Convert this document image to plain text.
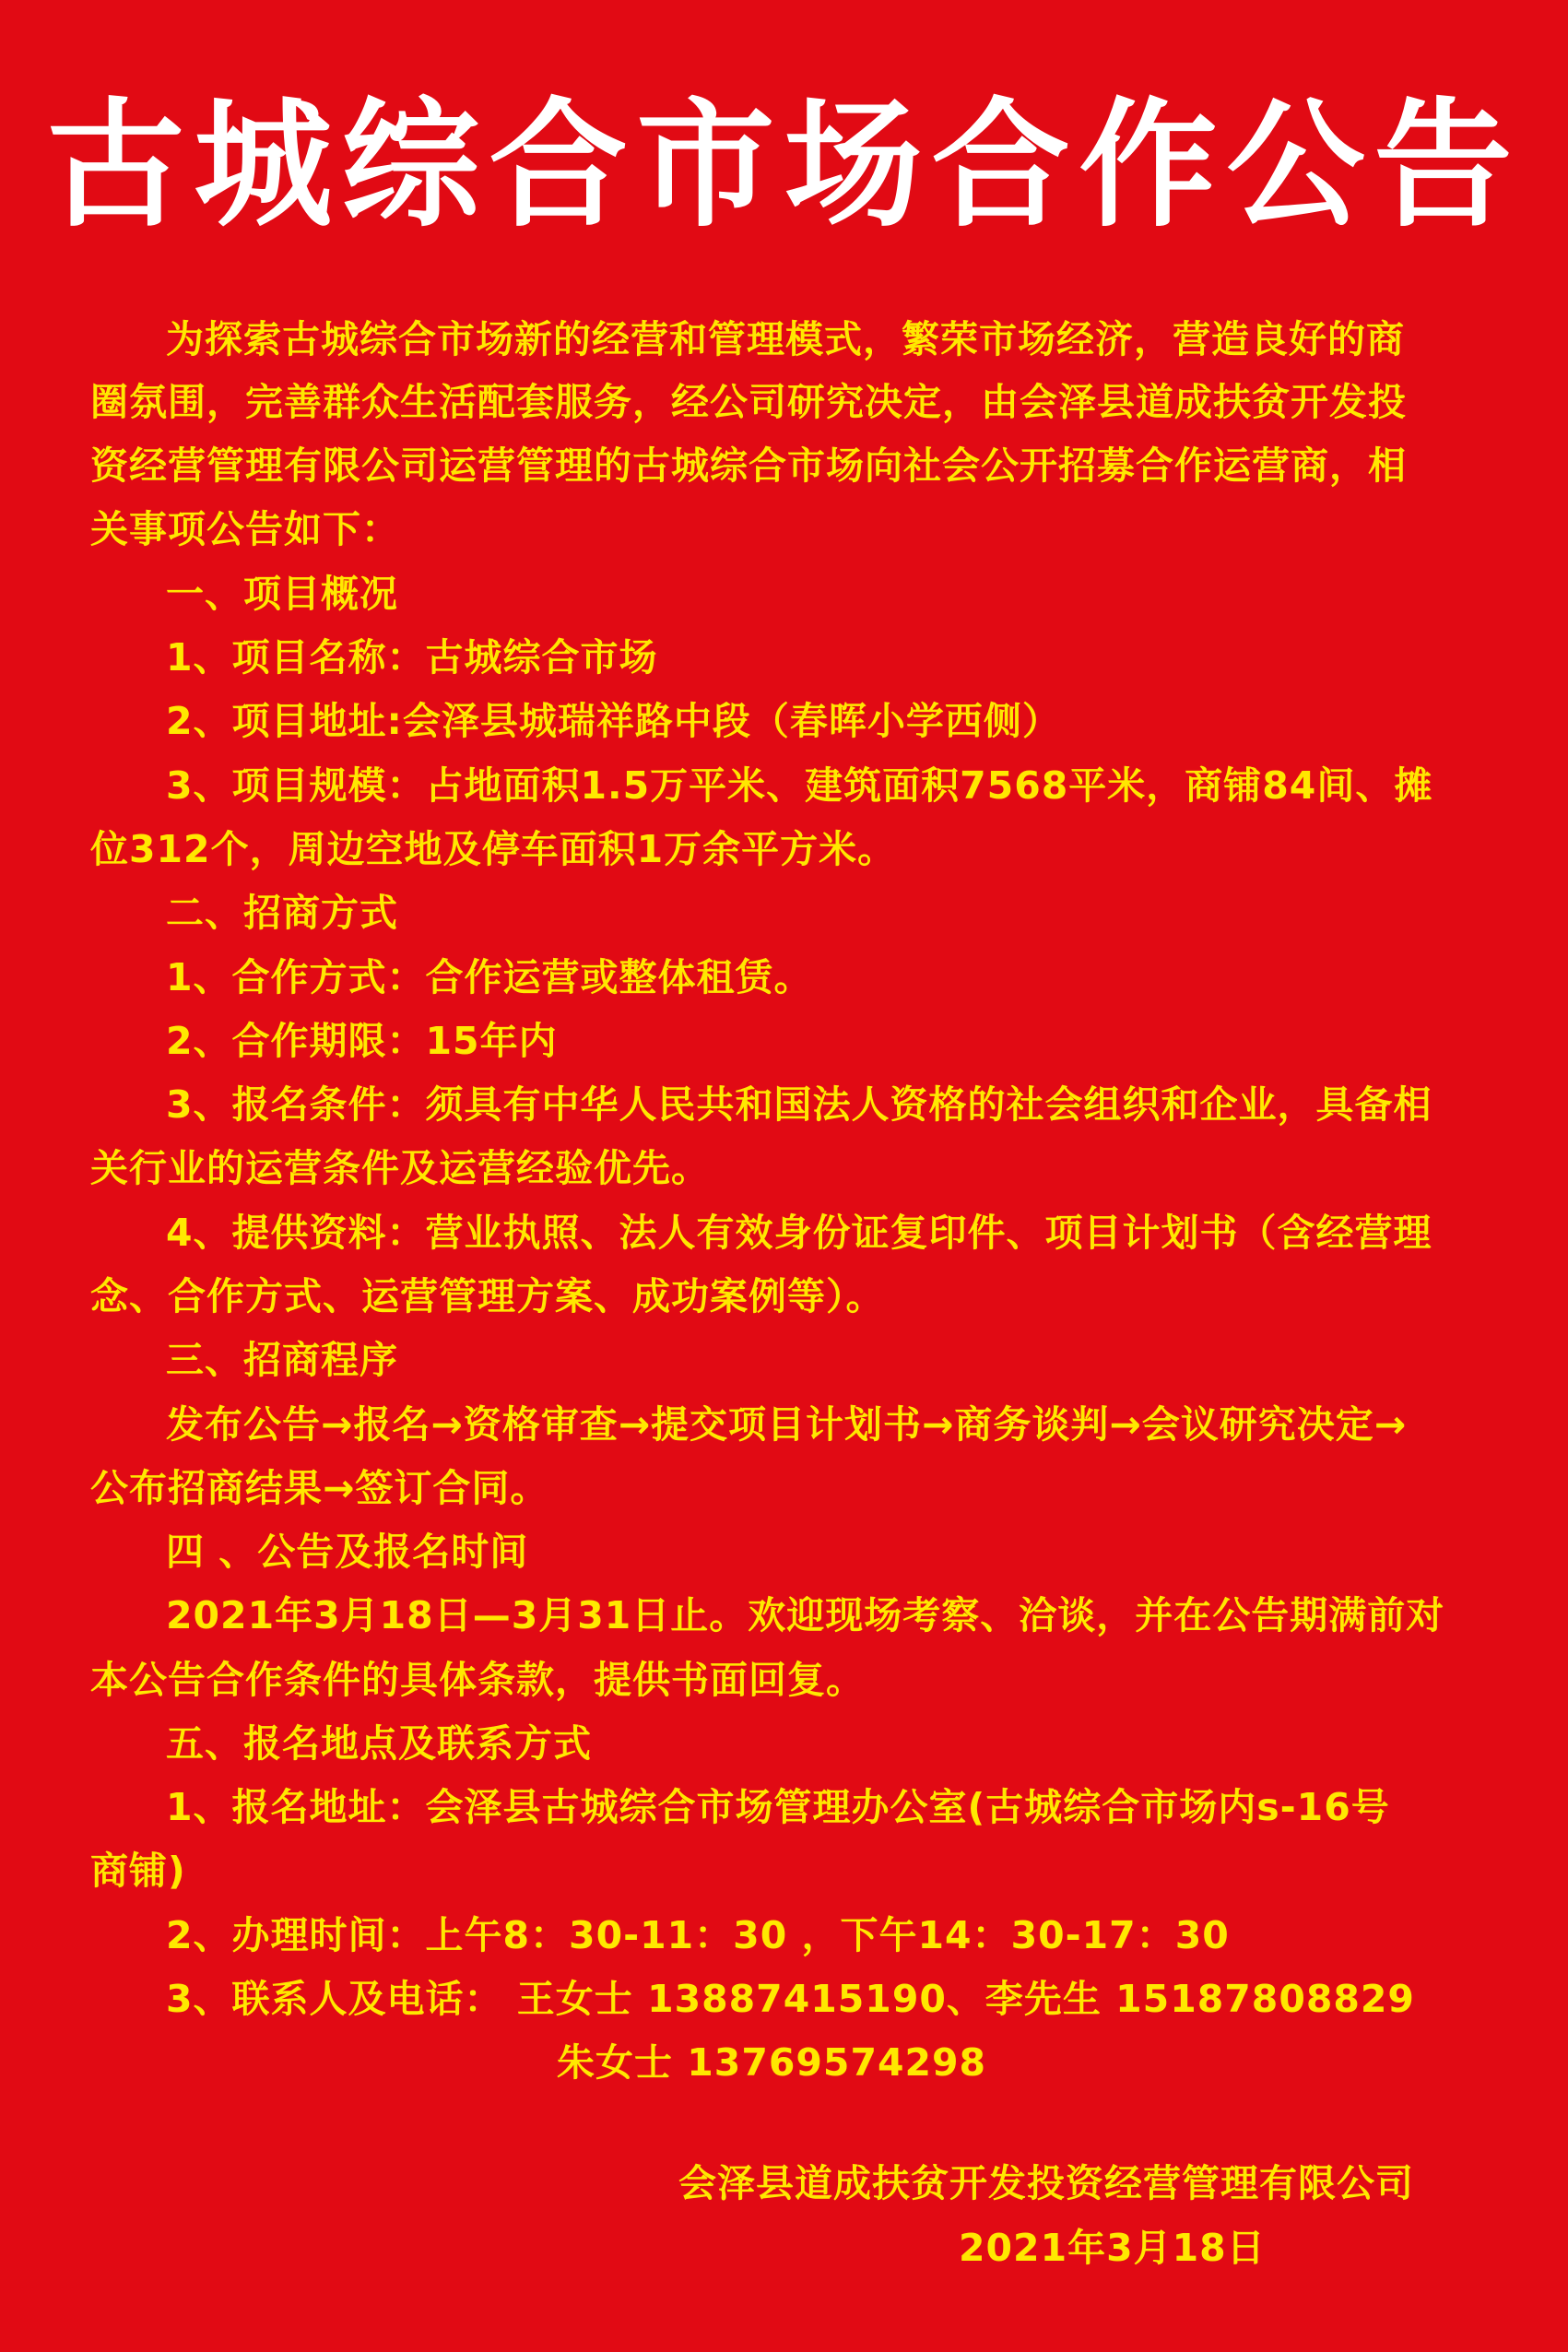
古城综合市场合作公告
为探索古城综合市场新的经营和管理模式，繁荣市场经济，营造良好的商
圈氛围，完善群众生活配套服务，经公司研究决定，由会泽县道成扶贫开发投
资经营管理有限公司运营管理的古城综合市场向社会公开招募合作运营商，相
关事项公告如下：
一、项目概况
1、项目名称：古城综合市场
2、项目地址:会泽县城瑞祥路中段（春晖小学西侧）
3、项目规模：占地面积1.5万平米、建筑面积7568平米，商铺84间、摊
位312个，周边空地及停车面积1万余平方米。
二、招商方式
1、合作方式：合作运营或整体租赁。
2、合作期限：15年内
3、报名条件：须具有中华人民共和国法人资格的社会组织和企业，具备相
关行业的运营条件及运营经验优先。
4、提供资料：营业执照、法人有效身份证复印件、项目计划书（含经营理
念、合作方式、运营管理方案、成功案例等）。
三、招商程序
发布公告→报名→资格审查→提交项目计划书→商务谈判→会议研究决定→
公布招商结果→签订合同。
四 、公告及报名时间
2021年3月18日—3月31日止。欢迎现场考察、洽谈，并在公告期满前对
本公告合作条件的具体条款，提供书面回复。
五、报名地点及联系方式
1、报名地址：会泽县古城综合市场管理办公室(古城综合市场内s-16号
商铺)
2、办理时间：上午8：30-11：30 ，下午14：30-17：30
3、联系人及电话： 王女士 13887415190、李先生 15187808829
朱女士 13769574298
会泽县道成扶贫开发投资经营管理有限公司
2021年3月18日
